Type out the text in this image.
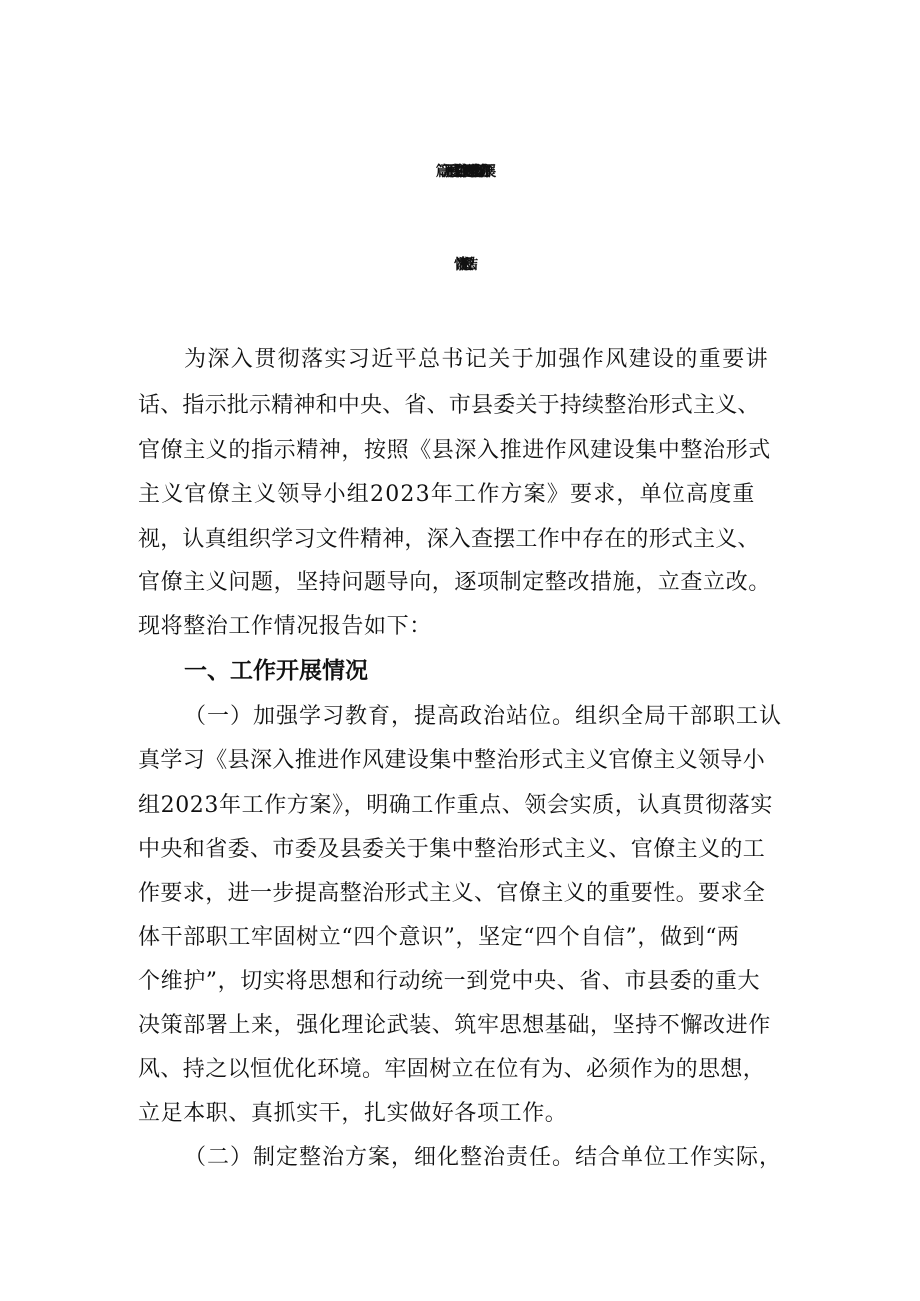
篇一、开展形式主义官僚主义问题“三严五整”攻坚行动工作开展
情况汇报总结

为深入贯彻落实习近平总书记关于加强作风建设的重要讲

话、指示批示精神和中央、省、市县委关于持续整治形式主义、

官僚主义的指示精神，按照《县深入推进作风建设集中整治形式

主义官僚主义领导小组2023年工作方案》要求，单位高度重

视，认真组织学习文件精神，深入查摆工作中存在的形式主义、

官僚主义问题，坚持问题导向，逐项制定整改措施，立查立改。

现将整治工作情况报告如下：

一、工作开展情况

（一）加强学习教育，提高政治站位。组织全局干部职工认

真学习《县深入推进作风建设集中整治形式主义官僚主义领导小

组2023年工作方案》，明确工作重点、领会实质，认真贯彻落实

中央和省委、市委及县委关于集中整治形式主义、官僚主义的工

作要求，进一步提高整治形式主义、官僚主义的重要性。要求全

体干部职工牢固树立“四个意识”，坚定“四个自信”，做到“两

个维护”，切实将思想和行动统一到党中央、省、市县委的重大

决策部署上来，强化理论武装、筑牢思想基础，坚持不懈改进作

风、持之以恒优化环境。牢固树立在位有为、必须作为的思想，

立足本职、真抓实干，扎实做好各项工作。

（二）制定整治方案，细化整治责任。结合单位工作实际，
